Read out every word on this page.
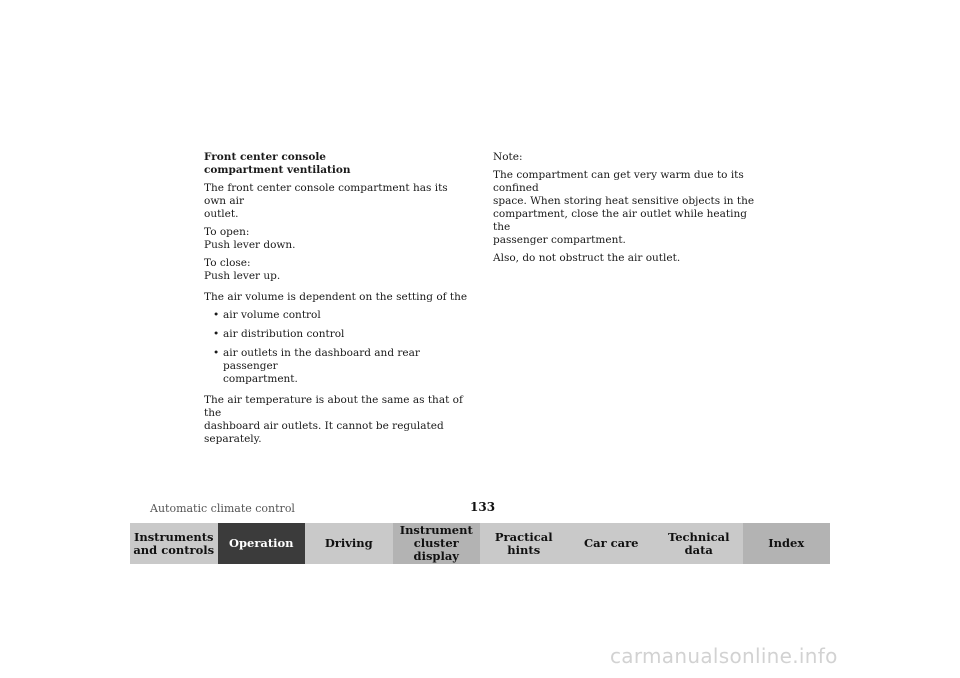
Front center console
compartment ventilation
The front center console compartment has its own air
outlet.
To open:
Push lever down.
To close:
Push lever up.
The air volume is dependent on the setting of the
• air volume control
• air distribution control
• air outlets in the dashboard and rear passenger
compartment.
The air temperature is about the same as that of the
dashboard air outlets. It cannot be regulated separately.
Note:
The compartment can get very warm due to its confined
space. When storing heat sensitive objects in the
compartment, close the air outlet while heating the
passenger compartment.
Also, do not obstruct the air outlet.
Automatic climate control	133
Instruments
and controls Operation	Driving
Instrument
cluster display
Practical hints	Car care	Technical
data	Index
carmanualsonline.info
